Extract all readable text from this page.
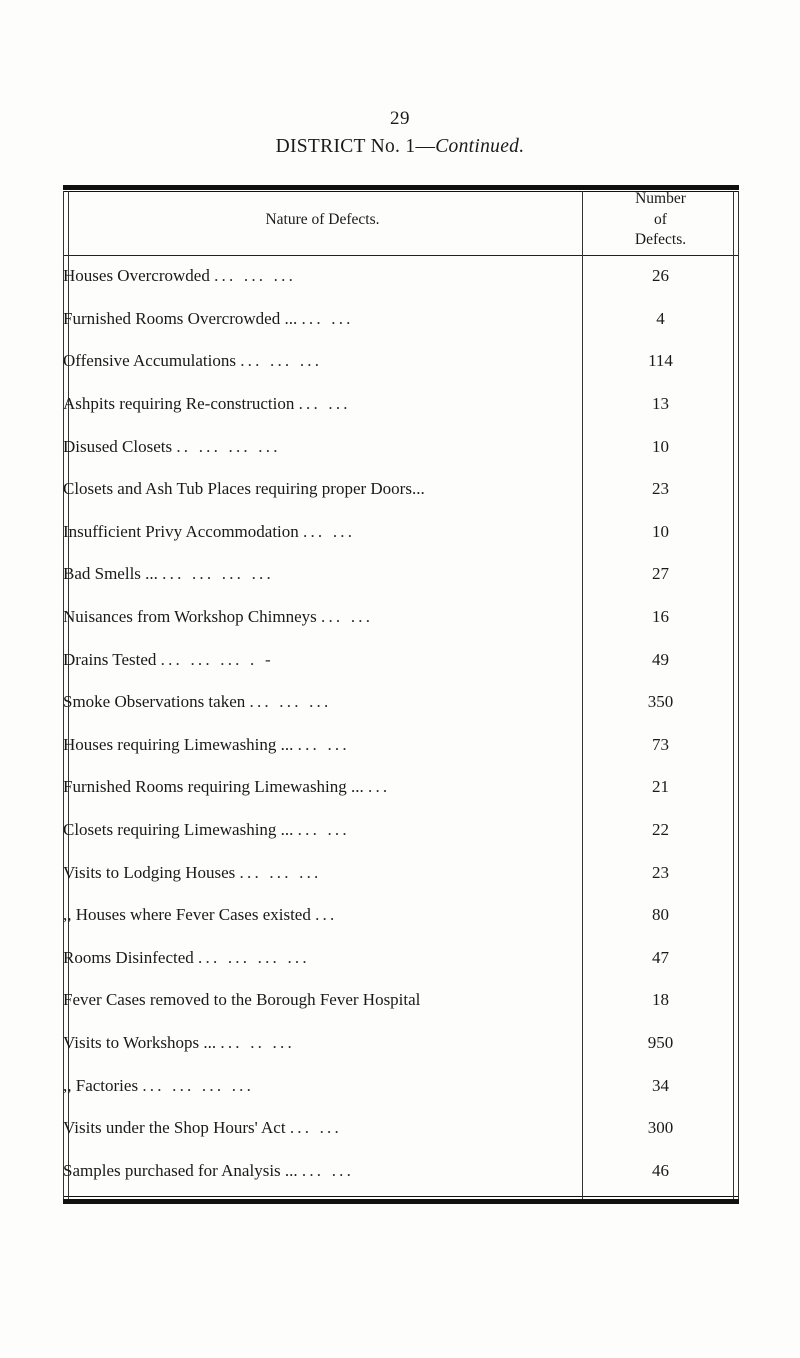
29
DISTRICT No. 1—Continued.
Nature of Defects.	Number
of
Defects.

Houses Overcrowded ... ... ...	26
Furnished Rooms Overcrowded ... ... ...	4
Offensive Accumulations ... ... ...	114
Ashpits requiring Re-construction ... ...	13
Disused Closets .. ... ... ...	10
Closets and Ash Tub Places requiring proper Doors...	23
Insufficient Privy Accommodation ... ...	10
Bad Smells ... ... ... ... ...	27
Nuisances from Workshop Chimneys ... ...	16
Drains Tested ... ... ... . -	49
Smoke Observations taken ... ... ...	350
Houses requiring Limewashing ... ... ...	73
Furnished Rooms requiring Limewashing ... ...	21
Closets requiring Limewashing ... ... ...	22
Visits to Lodging Houses ... ... ...	23
,, Houses where Fever Cases existed ...	80
Rooms Disinfected ... ... ... ...	47
Fever Cases removed to the Borough Fever Hospital	18
Visits to Workshops ... ... .. ...	950
,, Factories ... ... ... ...	34
Visits under the Shop Hours' Act ... ...	300
Samples purchased for Analysis ... ... ...	46
